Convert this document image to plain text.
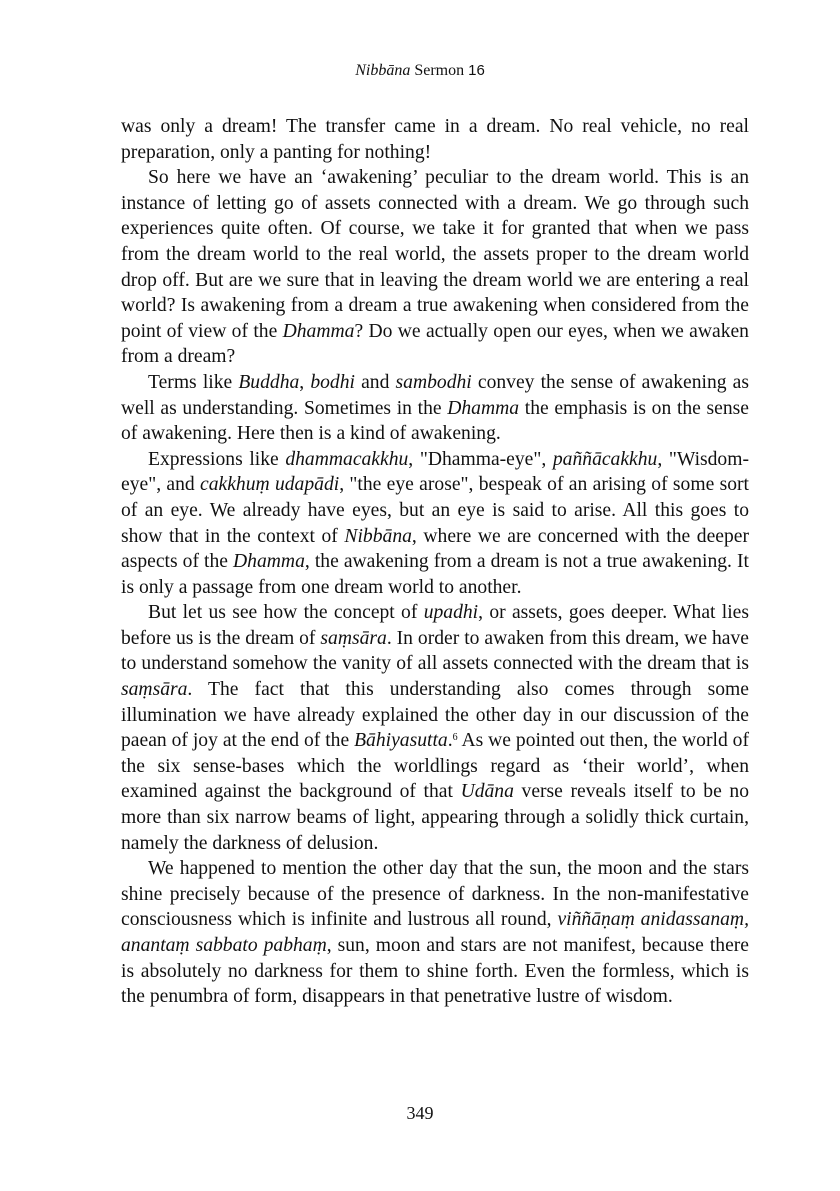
Nibbāna Sermon 16

was only a dream! The transfer came in a dream. No real vehicle, no real preparation, only a panting for nothing!

So here we have an ‘awakening’ peculiar to the dream world. This is an instance of letting go of assets connected with a dream. We go through such experiences quite often. Of course, we take it for granted that when we pass from the dream world to the real world, the assets proper to the dream world drop off. But are we sure that in leaving the dream world we are entering a real world? Is awakening from a dream a true awakening when considered from the point of view of the Dhamma? Do we actually open our eyes, when we awaken from a dream?

Terms like Buddha, bodhi and sambodhi convey the sense of awakening as well as understanding. Sometimes in the Dhamma the emphasis is on the sense of awakening. Here then is a kind of awakening.

Expressions like dhammacakkhu, "Dhamma-eye", paññācakkhu, "Wisdom-eye", and cakkhuṃ udapādi, "the eye arose", bespeak of an arising of some sort of an eye. We already have eyes, but an eye is said to arise. All this goes to show that in the context of Nibbāna, where we are concerned with the deeper aspects of the Dhamma, the awakening from a dream is not a true awakening. It is only a passage from one dream world to another.

But let us see how the concept of upadhi, or assets, goes deeper. What lies before us is the dream of saṃsāra. In order to awaken from this dream, we have to understand somehow the vanity of all assets connected with the dream that is saṃsāra. The fact that this understanding also comes through some illumination we have already explained the other day in our discussion of the paean of joy at the end of the Bāhiyasutta.$^6$ As we pointed out then, the world of the six sense-bases which the worldlings regard as ‘their world’, when examined against the background of that Udāna verse reveals itself to be no more than six narrow beams of light, appearing through a solidly thick curtain, namely the darkness of delusion.

We happened to mention the other day that the sun, the moon and the stars shine precisely because of the presence of darkness. In the non-manifestative consciousness which is infinite and lustrous all round, viññāṇaṃ anidassanaṃ, anantaṃ sabbato pabhaṃ, sun, moon and stars are not manifest, because there is absolutely no darkness for them to shine forth. Even the formless, which is the penumbra of form, disappears in that penetrative lustre of wisdom.

349
